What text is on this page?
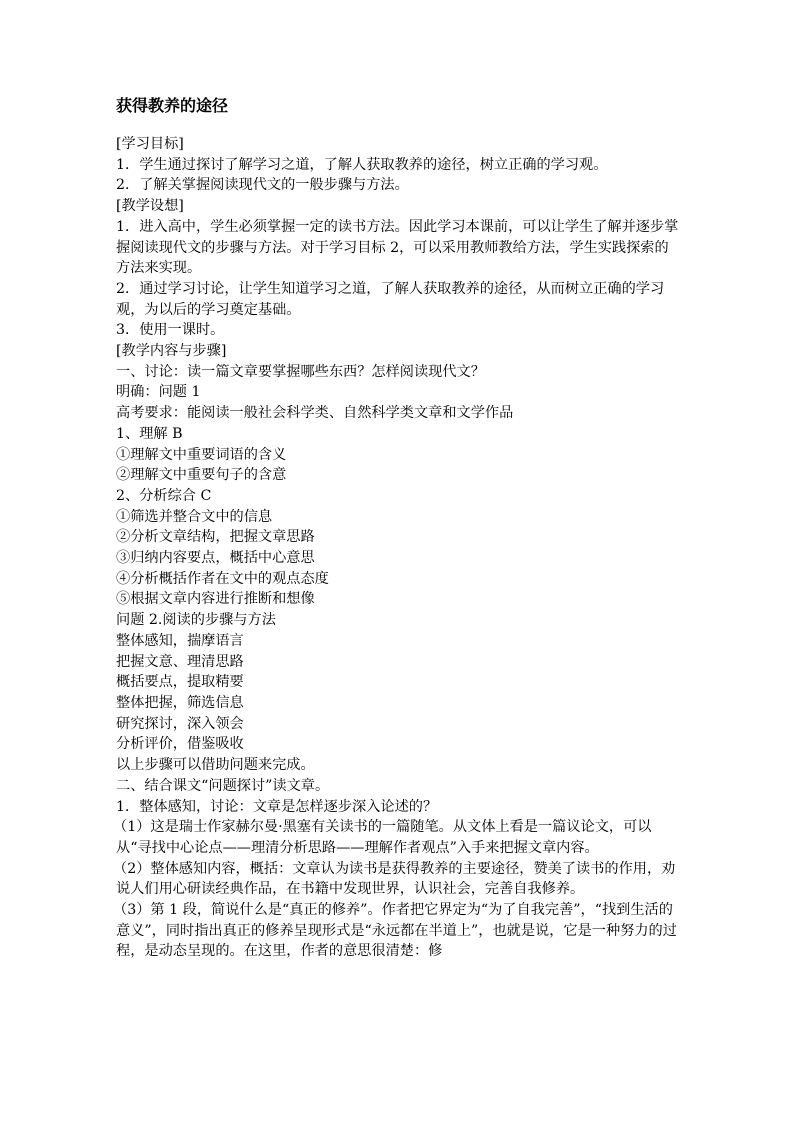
获得教养的途径

[学习目标]

1．学生通过探讨了解学习之道，了解人获取教养的途径，树立正确的学习观。

2．了解关掌握阅读现代文的一般步骤与方法。

[教学设想]

1．进入高中，学生必须掌握一定的读书方法。因此学习本课前，可以让学生了解并逐步掌握阅读现代文的步骤与方法。对于学习目标 2，可以采用教师教给方法，学生实践探索的方法来实现。

2．通过学习讨论，让学生知道学习之道，了解人获取教养的途径，从而树立正确的学习观，为以后的学习奠定基础。

3．使用一课时。

[教学内容与步骤]

一、讨论：读一篇文章要掌握哪些东西？怎样阅读现代文？

明确：问题 1

高考要求：能阅读一般社会科学类、自然科学类文章和文学作品

1、理解 B

①理解文中重要词语的含义

②理解文中重要句子的含意

2、分析综合 C

①筛选并整合文中的信息

②分析文章结构，把握文章思路

③归纳内容要点，概括中心意思

④分析概括作者在文中的观点态度

⑤根据文章内容进行推断和想像

问题 2.阅读的步骤与方法

整体感知，揣摩语言

把握文意、理清思路

概括要点，提取精要

整体把握，筛选信息

研究探讨，深入领会

分析评价，借鉴吸收

以上步骤可以借助问题来完成。

二、结合课文“问题探讨”读文章。

1．整体感知，讨论：文章是怎样逐步深入论述的？

（1）这是瑞士作家赫尔曼·黑塞有关读书的一篇随笔。从文体上看是一篇议论文，可以从“寻找中心论点——理清分析思路——理解作者观点”入手来把握文章内容。

（2）整体感知内容，概括：文章认为读书是获得教养的主要途径，赞美了读书的作用，劝说人们用心研读经典作品，在书籍中发现世界，认识社会，完善自我修养。

（3）第 1 段，简说什么是“真正的修养”。作者把它界定为“为了自我完善”，“找到生活的意义”，同时指出真正的修养呈现形式是“永远都在半道上”，也就是说，它是一种努力的过程，是动态呈现的。在这里，作者的意思很清楚：修
